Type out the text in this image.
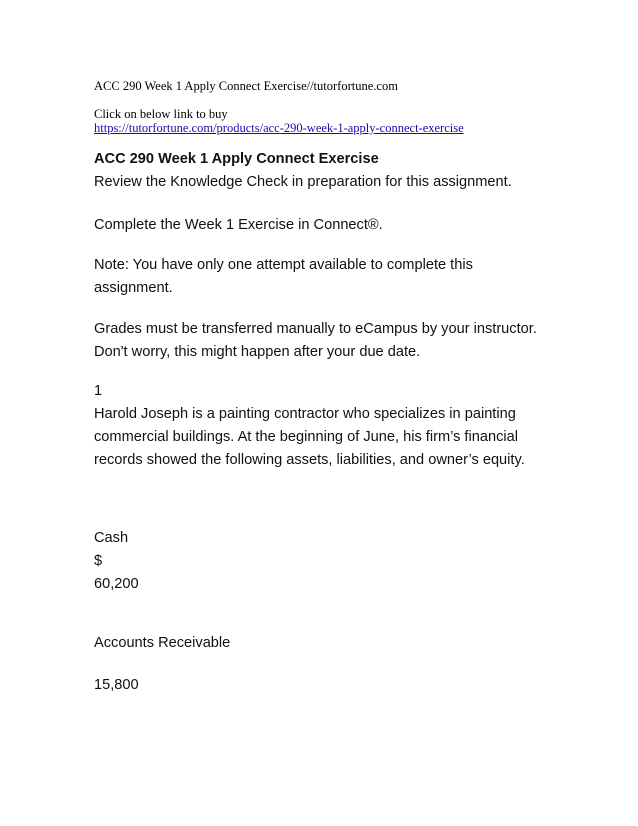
ACC 290 Week 1 Apply Connect Exercise//tutorfortune.com
Click on below link to buy
https://tutorfortune.com/products/acc-290-week-1-apply-connect-exercise
ACC 290 Week 1 Apply Connect Exercise
Review the Knowledge Check in preparation for this assignment.
Complete the Week 1 Exercise in Connect®.
Note: You have only one attempt available to complete this assignment.
Grades must be transferred manually to eCampus by your instructor. Don't worry, this might happen after your due date.
1
Harold Joseph is a painting contractor who specializes in painting commercial buildings. At the beginning of June, his firm’s financial records showed the following assets, liabilities, and owner’s equity.
Cash
$
60,200
Accounts Receivable
15,800
